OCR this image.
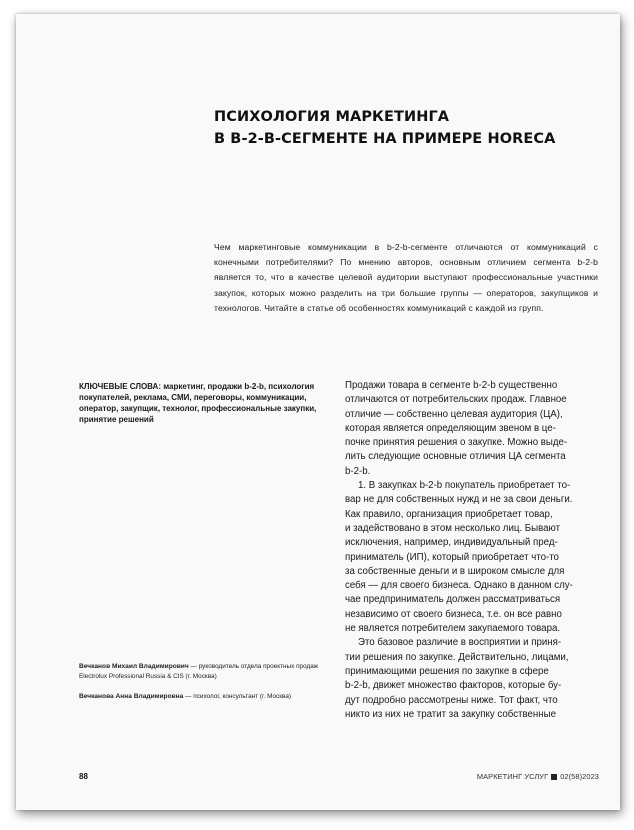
ПСИХОЛОГИЯ МАРКЕТИНГА
В B-2-B-СЕГМЕНТЕ НА ПРИМЕРЕ HORECA
Чем маркетинговые коммуникации в b-2-b-сегменте отличаются от коммуникаций с конечными потребителями? По мнению авторов, основным отличием сегмента b-2-b является то, что в качестве целевой аудитории выступают профессиональные участники закупок, которых можно разделить на три большие группы — операторов, закупщиков и технологов. Читайте в статье об особенностях коммуникаций с каждой из групп.
КЛЮЧЕВЫЕ СЛОВА: маркетинг, продажи b-2-b, психология покупателей, реклама, СМИ, переговоры, коммуникации, оператор, закупщик, технолог, профессиональные закупки, принятие решений
Вечканов Михаил Владимирович — руководитель отдела проектных продаж Electrolux Professional Russia & CIS (г. Москва)
Вечканова Анна Владимировна — психолог, консультант (г. Москва)
Продажи товара в сегменте b-2-b существенно
отличаются от потребительских продаж. Главное
отличие — собственно целевая аудитория (ЦА),
которая является определяющим звеном в це-
почке принятия решения о закупке. Можно выде-
лить следующие основные отличия ЦА сегмента
b-2-b.
1. В закупках b-2-b покупатель приобретает то-
вар не для собственных нужд и не за свои деньги.
Как правило, организация приобретает товар,
и задействовано в этом несколько лиц. Бывают
исключения, например, индивидуальный пред-
приниматель (ИП), который приобретает что-то
за собственные деньги и в широком смысле для
себя — для своего бизнеса. Однако в данном слу-
чае предприниматель должен рассматриваться
независимо от своего бизнеса, т.е. он все равно
не является потребителем закупаемого товара.
Это базовое различие в восприятии и приня-
тии решения по закупке. Действительно, лицами,
принимающими решения по закупке в сфере
b-2-b, движет множество факторов, которые бу-
дут подробно рассмотрены ниже. Тот факт, что
никто из них не тратит за закупку собственные
88	МАРКЕТИНГ УСЛУГ 02(58)2023
